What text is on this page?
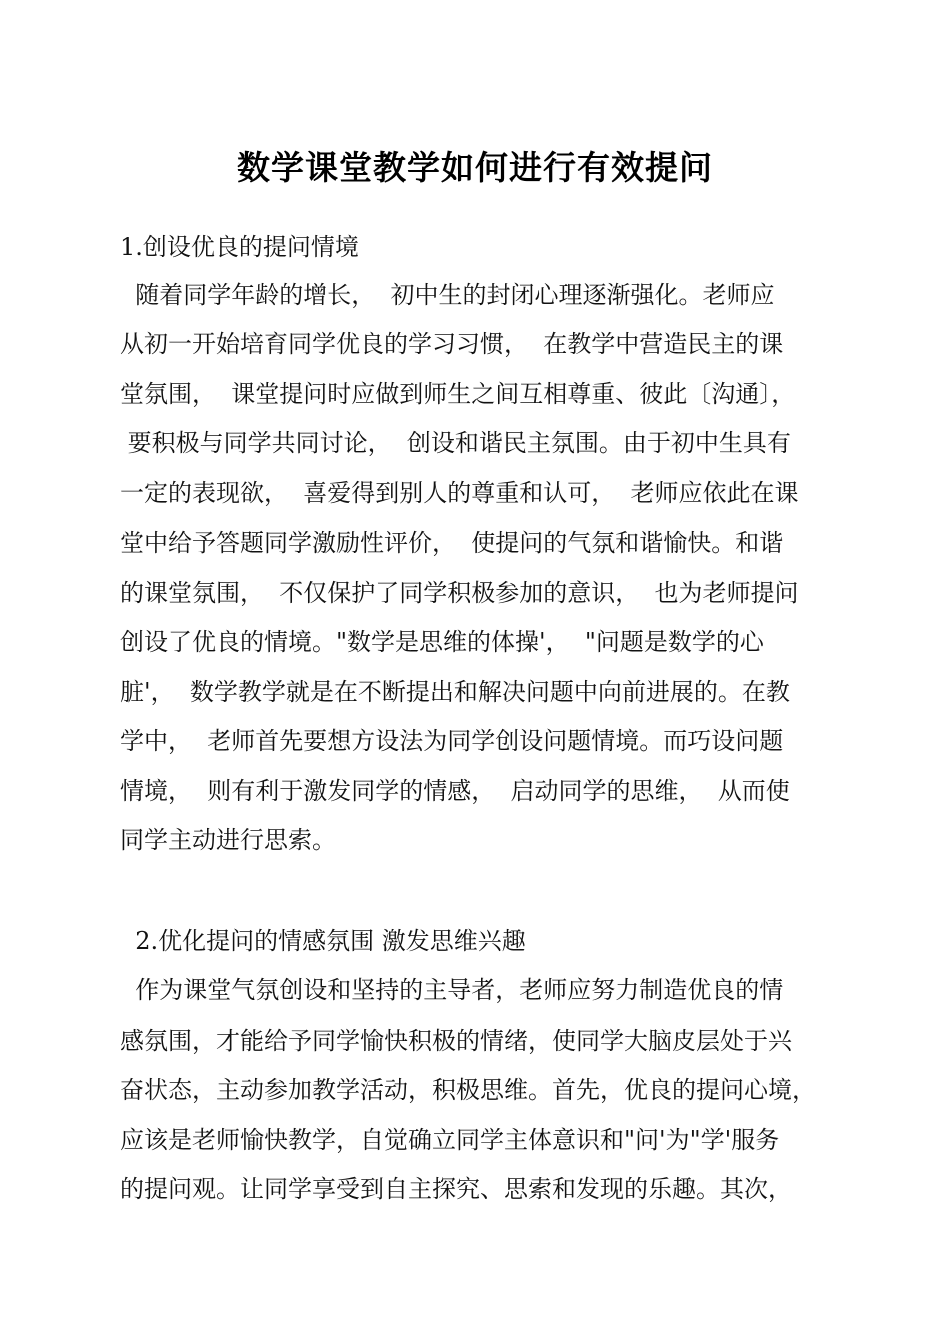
数学课堂教学如何进行有效提问
1.创设优良的提问情境
随着同学年龄的增长，  初中生的封闭心理逐渐强化。老师应
从初一开始培育同学优良的学习习惯，  在教学中营造民主的课
堂氛围，  课堂提问时应做到师生之间互相尊重、彼此〔沟通〕，
要积极与同学共同讨论，  创设和谐民主氛围。由于初中生具有
一定的表现欲，  喜爱得到别人的尊重和认可，  老师应依此在课
堂中给予答题同学激励性评价，  使提问的气氛和谐愉快。和谐
的课堂氛围，  不仅保护了同学积极参加的意识，  也为老师提问
创设了优良的情境。"数学是思维的体操'，  "问题是数学的心
脏'，  数学教学就是在不断提出和解决问题中向前进展的。在教
学中，  老师首先要想方设法为同学创设问题情境。而巧设问题
情境，  则有利于激发同学的情感，  启动同学的思维，  从而使
同学主动进行思索。
2.优化提问的情感氛围 激发思维兴趣
作为课堂气氛创设和坚持的主导者，老师应努力制造优良的情
感氛围，才能给予同学愉快积极的情绪，使同学大脑皮层处于兴
奋状态，主动参加教学活动，积极思维。首先，优良的提问心境，
应该是老师愉快教学，自觉确立同学主体意识和"问'为"学'服务
的提问观。让同学享受到自主探究、思索和发现的乐趣。其次，
